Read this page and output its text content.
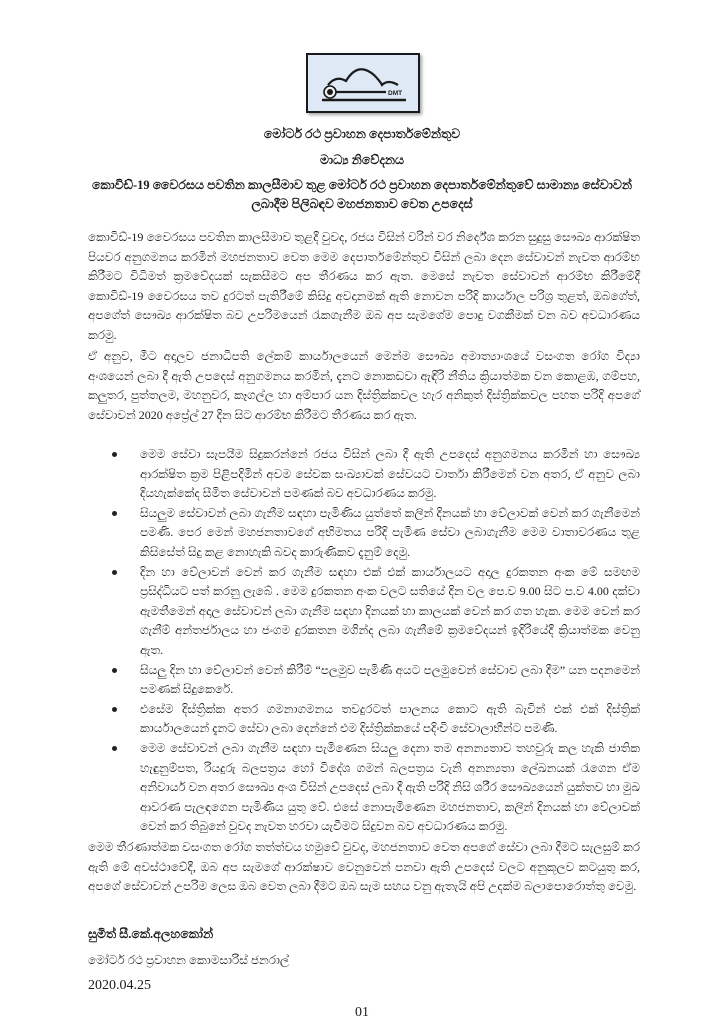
DMT
මෝටර් රථ ප්‍රවාහන දෙපාර්තමේන්තුව
මාධ්‍ය නිවේදනය
කොවිඩ්-19 වෛරසය පවතින කාලසීමාව තුළ මෝටර් රථ ප්‍රවාහන දෙපාර්තමේන්තුවේ සාමාන්‍ය සේවාවන් ලබාදීම පිලිබඳව මහජනතාව වෙත උපදෙස්
කොවිඩ්-19 වෛරසය පවතින කාලසීමාව තුළදී වුවද, රජය විසින් වරින් වර නිර්දේශ කරන සුදුසු සෞඛ්‍ය ආරක්ෂිත පියවර අනුගමනය කරමින් මහජනතාව වෙත මෙම දෙපාර්තමේන්තුව විසින් ලබා දෙන සේවාවන් නැවත ආරම්භ කිරීමට විධිමත් ක්‍රමවේදයක් සැකසීමට අප තීරණය කර ඇත. මෙසේ නැවත සේවාවන් ආරම්භ කිරීමේදී කොවිඩ්-19 වෛරසය තව දුරටත් පැතිරීමේ කිසිදු අවදානමක් ඇති නොවන පරිදි කාර්යාල පරිශ්‍ර තුළත්, ඔබගේත්, අපගේත් සෞඛ්‍ය ආරක්ෂිත බව උපරිමයෙන් රැකගැනීම ඔබ අප සැමගේම පොදු වගකීමක් වන බව අවධාරණය කරමු.
ඒ අනුව, මීට අදාලව ජනාධිපති ලේකම් කාර්යාලයෙන් මෙන්ම සෞඛ්‍ය අමාත්‍යාංශයේ වසංගත රෝග විද්‍යා අංශයෙන් ලබා දී ඇති උපදෙස් අනුගමනය කරමින්, දැනට නොකඩවා ඇඳිරි නීතිය ක්‍රියාත්මක වන කොළඹ, ගම්පහ, කලුතර, පුත්තලම, මහනුවර, කෑගල්ල හා අම්පාර යන දිස්ත්‍රික්කවල හැර අනිකුත් දිස්ත්‍රික්කවල පහත පරිදි අපගේ සේවාවන් 2020 අප්‍රේල් 27 දින සිට ආරම්භ කිරීමට තීරණය කර ඇත.
මෙම සේවා සැපයීම සිදුකරන්නේ රජය විසින් ලබා දී ඇති උපදෙස් අනුගමනය කරමින් හා සෞඛ්‍ය ආරක්ෂිත ක්‍රම පිළිපදිමින් අවම සේවක සංඛ්‍යාවක් සේවයට වාර්තා කිරීමෙන් වන අතර, ඒ අනුව ලබා දියහැක්කේද සීමිත සේවාවන් පමණක් බව අවධාරණය කරමු.
සියලුම සේවාවන් ලබා ගැනීම සඳහා පැමිණිය යුත්තේ කලින් දිනයක් හා වේලාවක් වෙන් කර ගැනීමෙන් පමණි. පෙර මෙන් මහජනතාවගේ අභිමතය පරිදි පැමිණ සේවා ලබාගැනීම මෙම වාතාවරණය තුළ කිසිසේත් සිදු කළ නොහැකි බවද කාරුණිකව දැනුම් දෙමු.
දින හා වේලාවන් වෙන් කර ගැනීම සඳහා එක් එක් කාර්යාලයට අදාල දුරකතන අංක මේ සමඟම ප්‍රසිද්ධියට පත් කරනු ලැබේ . මෙම දුරකතන අංක වලට සතියේ දින වල පෙ.ව 9.00 සිට ප.ව 4.00 දක්වා ඇමතීමෙන් අදාල සේවාවන් ලබා ගැනීම සඳහා දිනයක් හා කාලයක් වෙන් කර ගත හැක. මෙම වෙන් කර ගැනීම් අන්තර්ජාලය හා ජංගම දුරකතන මගින්ද ලබා ගැනීමේ ක්‍රමවේදයන් ඉදිරියේදී ක්‍රියාත්මක වෙනු ඇත.
සියලු දින හා වේලාවන් වෙන් කිරීම් “පලමුව පැමිණි අයට පලමුවෙන් සේවාව ලබා දීම” යන පදනමෙන් පමණක් සිදුකෙරේ.
එසේම දිස්ත්‍රික්ක අතර ගමනාගමනය තවදුරටත් පාලනය කොට ඇති බැවින් එක් එක් දිස්ත්‍රික් කාර්යාලයෙන් දැනට සේවා ලබා දෙන්නේ එම දිස්ත්‍රික්කයේ පදිංචි සේවාලාභීන්ට පමණි.
මෙම සේවාවන් ලබා ගැනීම සඳහා පැමිණෙන සියලු දෙනා තම අනන්‍යතාව තහවුරු කල හැකි ජාතික හැඳුනුම්පත, රියදුරු බලපත්‍රය හෝ විදේශ ගමන් බලපත්‍රය වැනි අනන්‍යතා ලේඛනයක් රැගෙන ඒම අනිවාර්ය වන අතර සෞඛ්‍ය අංශ විසින් උපදෙස් ලබා දී ඇති පරිදි නිසි ශරීර සෞඛ්‍යයෙන් යුක්තව හා මුඛ ආවරණ පැලඳගෙන පැමිණිය යුතු වේ. එසේ නොපැමිණෙන මහජනතාව, කලින් දිනයක් හා වේලාවක් වෙන් කර තිබුනේ වුවද නැවත හරවා යැවීමට සිදුවන බව අවධාරණය කරමු.
මෙම තීරණාත්මක වසංගත රෝග තත්ත්වය හමුවේ වුවද, මහජනතාව වෙත අපගේ සේවා ලබා දීමට සැලසුම් කර ඇති මේ අවස්ථාවේදී, ඔබ අප සැමගේ ආරක්ෂාව වෙනුවෙන් පනවා ඇති උපදෙස් වලට අනුකූලව කටයුතු කර, අපගේ සේවාවන් උපරිම ලෙස ඔබ වෙත ලබා දීමට ඔබ සැම සහය වනු ඇතැයි අපි උදක්ම බලාපොරොත්තු වෙමු.
සුමිත් සී.කේ.අලහකෝන්
මෝටර් රථ ප්‍රවාහන කොමසාරිස් ජනරාල්
2020.04.25
01
